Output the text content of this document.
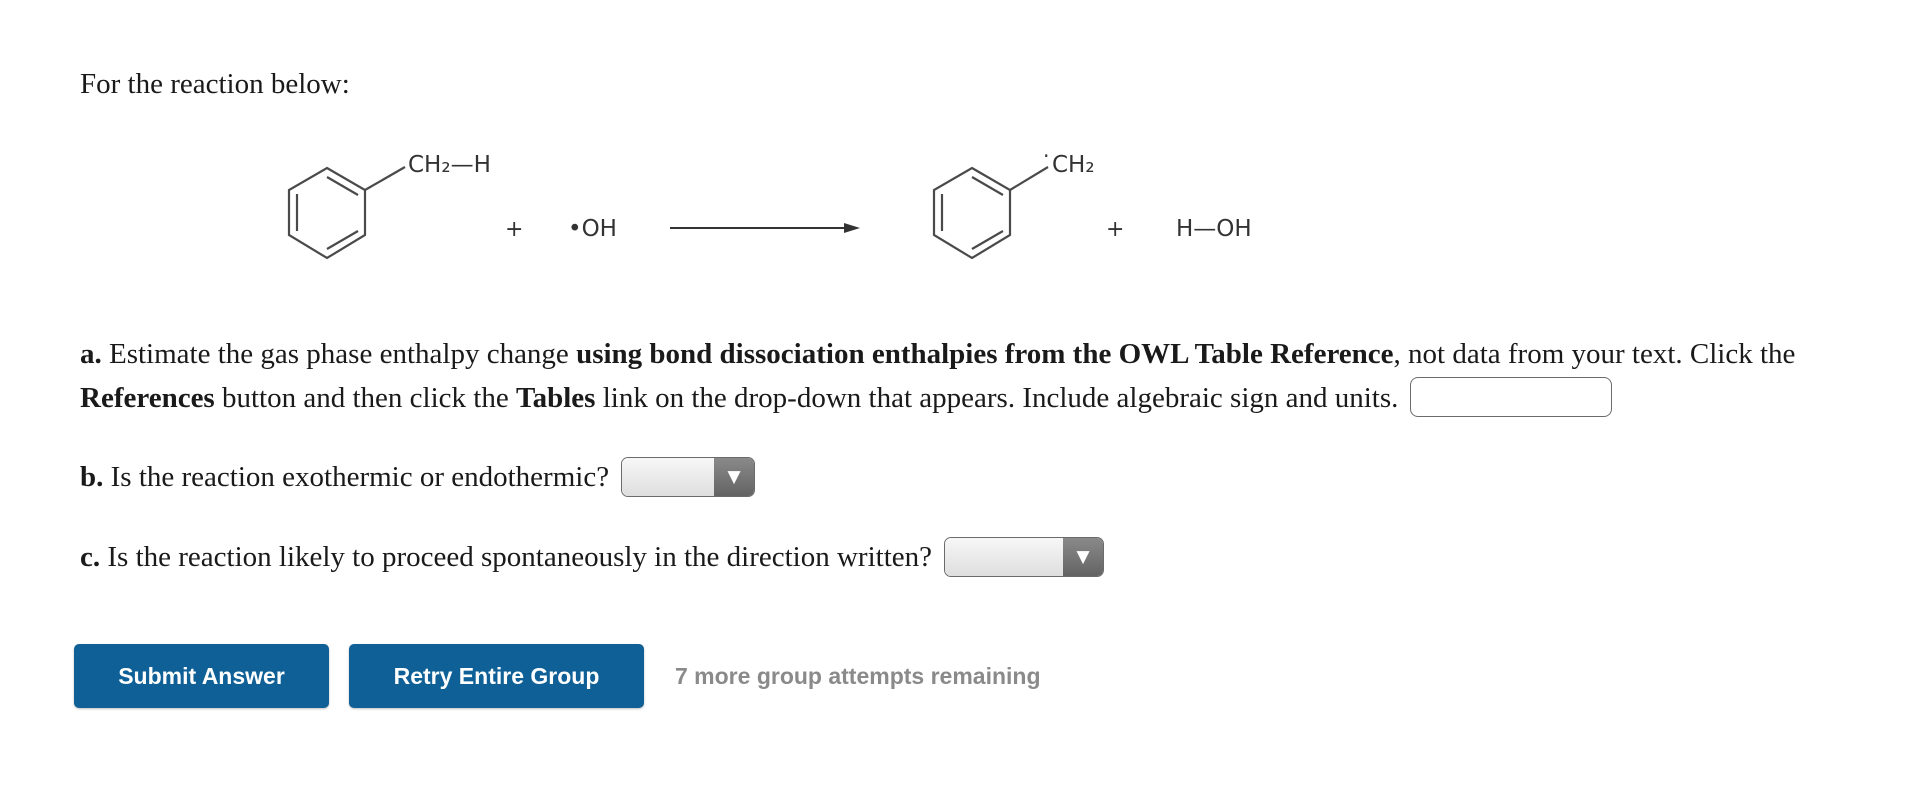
For the reaction below:
CH₂—H
+ •OH
̇CH₂
+ H—OH
a. Estimate the gas phase enthalpy change using bond dissociation enthalpies from the OWL Table Reference, not data from your text. Click the References button and then click the Tables link on the drop-down that appears. Include algebraic sign and units.
b. Is the reaction exothermic or endothermic?	▼
c. Is the reaction likely to proceed spontaneously in the direction written?	▼
Submit Answer	Retry Entire Group	7 more group attempts remaining
